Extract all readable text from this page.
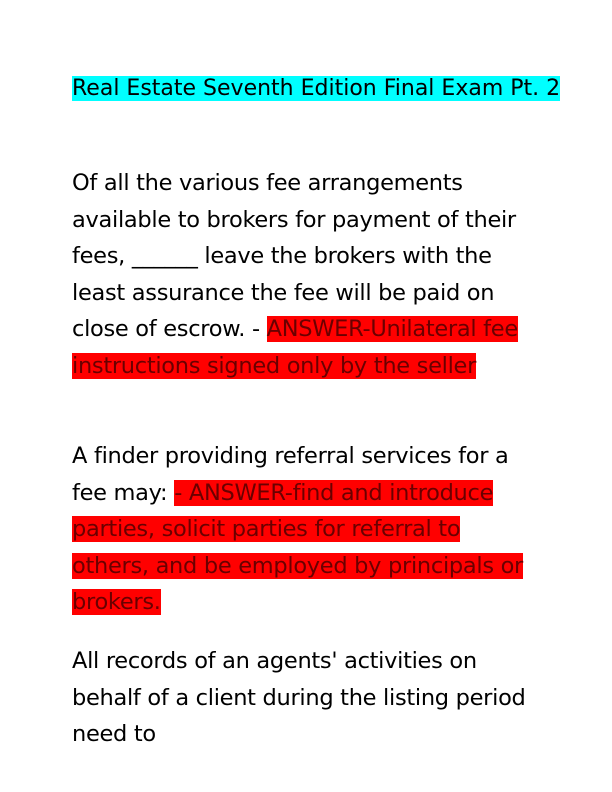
Real Estate Seventh Edition Final Exam Pt. 2

Of all the various fee arrangements available to brokers for payment of their fees, ______ leave the brokers with the least assurance the fee will be paid on close of escrow. - ANSWER-Unilateral fee instructions signed only by the seller

A finder providing referral services for a fee may: - ANSWER-find and introduce parties, solicit parties for referral to others, and be employed by principals or brokers.

All records of an agents' activities on behalf of a client during the listing period need to
